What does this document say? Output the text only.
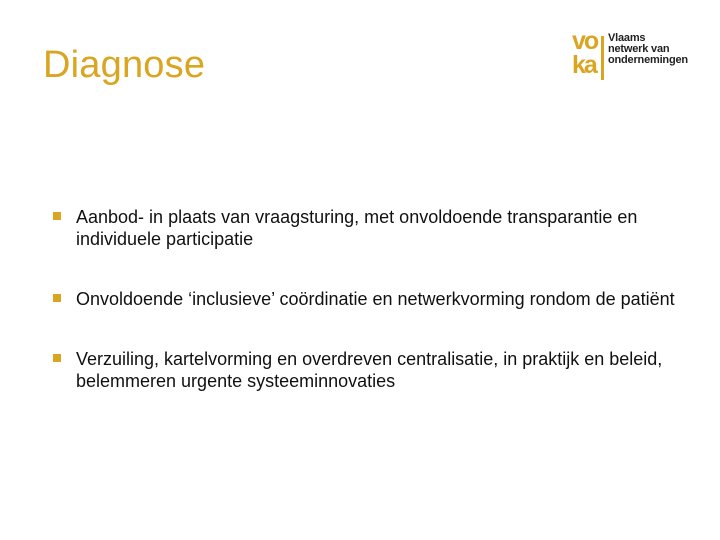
Diagnose
vo
ka
Vlaams
netwerk van
ondernemingen
Aanbod- in plaats van vraagsturing, met onvoldoende transparantie en individuele participatie
Onvoldoende ‘inclusieve’ coördinatie en netwerkvorming rondom de patiënt
Verzuiling, kartelvorming en overdreven centralisatie, in praktijk en beleid, belemmeren urgente systeeminnovaties
